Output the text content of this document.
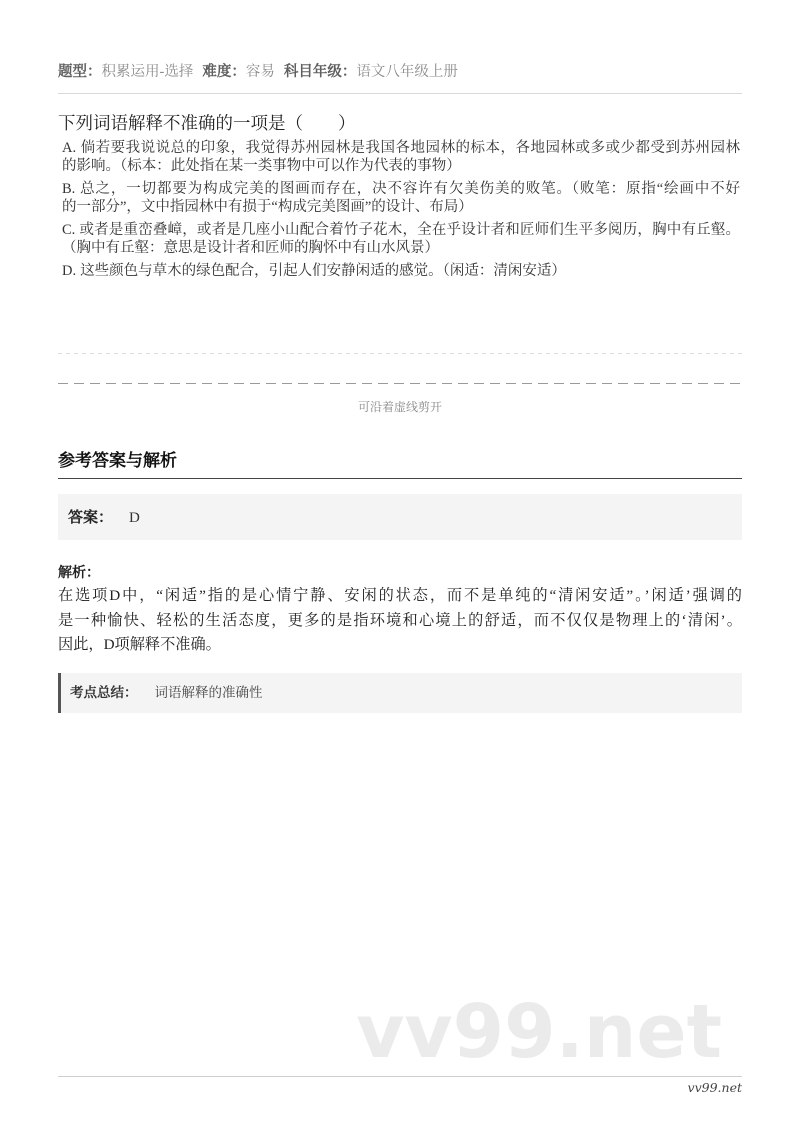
题型：积累运用-选择 难度：容易 科目年级：语文八年级上册
下列词语解释不准确的一项是（　　）
A. 倘若要我说说总的印象，我觉得苏州园林是我国各地园林的标本，各地园林或多或少都受到苏州园林
的影响。（标本：此处指在某一类事物中可以作为代表的事物）
B. 总之，一切都要为构成完美的图画而存在，决不容许有欠美伤美的败笔。（败笔：原指“绘画中不好
的一部分”，文中指园林中有损于“构成完美图画”的设计、布局）
C. 或者是重峦叠嶂，或者是几座小山配合着竹子花木，全在乎设计者和匠师们生平多阅历，胸中有丘壑。
（胸中有丘壑：意思是设计者和匠师的胸怀中有山水风景）
D. 这些颜色与草木的绿色配合，引起人们安静闲适的感觉。（闲适：清闲安适）
可沿着虚线剪开
参考答案与解析
答案： D
解析：
在选项D中，“闲适”指的是心情宁静、安闲的状态，而不是单纯的“清闲安适”。’闲适’强调的
是一种愉快、轻松的生活态度，更多的是指环境和心境上的舒适，而不仅仅是物理上的‘清闲’。
因此，D项解释不准确。
考点总结： 词语解释的准确性
vv99.net
vv99.net
